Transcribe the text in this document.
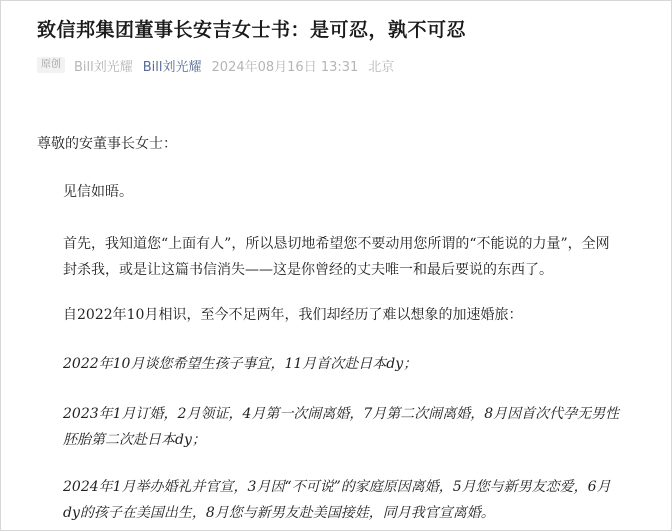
致信邦集团董事长安吉女士书：是可忍，孰不可忍
原创	Bill刘光耀 Bill刘光耀 2024年08月16日 13:31 北京
尊敬的安董事长女士：
见信如晤。
首先，我知道您“上面有人”，所以恳切地希望您不要动用您所谓的“不能说的力量”，全网
封杀我，或是让这篇书信消失——这是你曾经的丈夫唯一和最后要说的东西了。
自2022年10月相识，至今不足两年，我们却经历了难以想象的加速婚旅：
2022年10月谈您希望生孩子事宜，11月首次赴日本dy；
2023年1月订婚，2月领证，4月第一次闹离婚，7月第二次闹离婚，8月因首次代孕无男性
胚胎第二次赴日本dy；
2024年1月举办婚礼并官宣，3月因“不可说”的家庭原因离婚，5月您与新男友恋爱，6月
dy的孩子在美国出生，8月您与新男友赴美国接娃，同月我官宣离婚。
